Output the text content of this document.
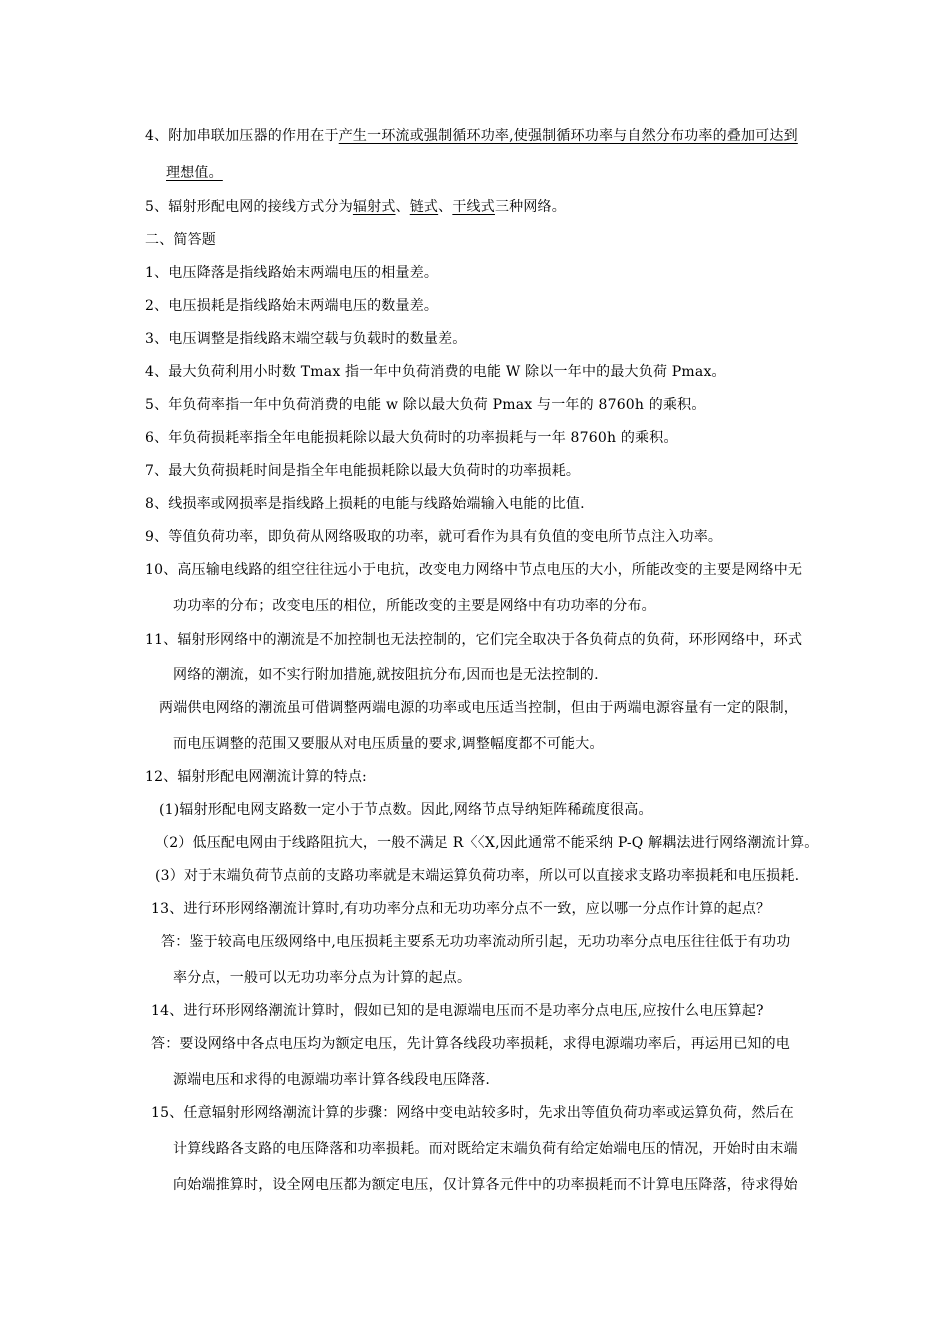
4、附加串联加压器的作用在于产生一环流或强制循环功率,使强制循环功率与自然分布功率的叠加可达到
理想值。
5、辐射形配电网的接线方式分为辐射式、链式、干线式三种网络。
二、简答题
1、电压降落是指线路始末两端电压的相量差。
2、电压损耗是指线路始末两端电压的数量差。
3、电压调整是指线路末端空载与负载时的数量差。
4、最大负荷利用小时数 Tmax 指一年中负荷消费的电能 W 除以一年中的最大负荷 Pmax。
5、年负荷率指一年中负荷消费的电能 w 除以最大负荷 Pmax 与一年的 8760h 的乘积。
6、年负荷损耗率指全年电能损耗除以最大负荷时的功率损耗与一年 8760h 的乘积。
7、最大负荷损耗时间是指全年电能损耗除以最大负荷时的功率损耗。
8、线损率或网损率是指线路上损耗的电能与线路始端输入电能的比值.
9、等值负荷功率，即负荷从网络吸取的功率，就可看作为具有负值的变电所节点注入功率。
10、高压输电线路的组空往往远小于电抗，改变电力网络中节点电压的大小，所能改变的主要是网络中无
功功率的分布；改变电压的相位，所能改变的主要是网络中有功功率的分布。
11、辐射形网络中的潮流是不加控制也无法控制的，它们完全取决于各负荷点的负荷，环形网络中，环式
网络的潮流，如不实行附加措施,就按阻抗分布,因而也是无法控制的.
两端供电网络的潮流虽可借调整两端电源的功率或电压适当控制，但由于两端电源容量有一定的限制，
而电压调整的范围又要服从对电压质量的要求,调整幅度都不可能大。
12、辐射形配电网潮流计算的特点:
(1)辐射形配电网支路数一定小于节点数。因此,网络节点导纳矩阵稀疏度很高。
（2）低压配电网由于线路阻抗大，一般不满足 R〈〈X,因此通常不能采纳 P-Q 解耦法进行网络潮流计算。
(3）对于末端负荷节点前的支路功率就是末端运算负荷功率，所以可以直接求支路功率损耗和电压损耗.
13、进行环形网络潮流计算时,有功功率分点和无功功率分点不一致，应以哪一分点作计算的起点？
答：鉴于较高电压级网络中,电压损耗主要系无功功率流动所引起，无功功率分点电压往往低于有功功
率分点，一般可以无功功率分点为计算的起点。
14、进行环形网络潮流计算时，假如已知的是电源端电压而不是功率分点电压,应按什么电压算起?
答：要设网络中各点电压均为额定电压，先计算各线段功率损耗，求得电源端功率后，再运用已知的电
源端电压和求得的电源端功率计算各线段电压降落.
15、任意辐射形网络潮流计算的步骤：网络中变电站较多时，先求出等值负荷功率或运算负荷，然后在
计算线路各支路的电压降落和功率损耗。而对既给定末端负荷有给定始端电压的情况，开始时由末端
向始端推算时，设全网电压都为额定电压，仅计算各元件中的功率损耗而不计算电压降落，待求得始
